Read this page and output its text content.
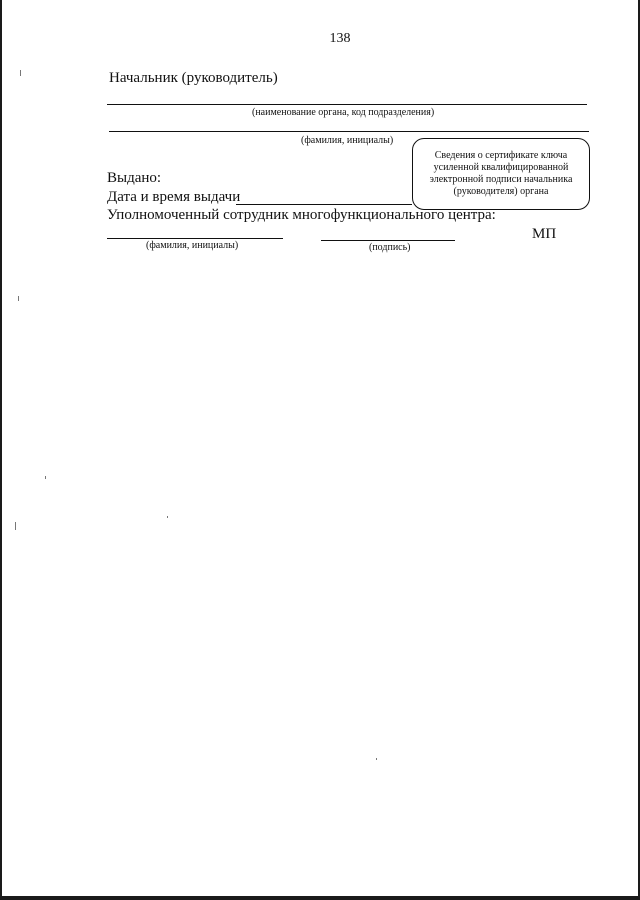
138
Начальник (руководитель)
(наименование органа, код подразделения)
(фамилия, инициалы)
Сведения о сертификате ключа усиленной квалифицированной электронной подписи начальника (руководителя) органа
Выдано:
Дата и время выдачи
Уполномоченный сотрудник многофункционального центра:
(фамилия, инициалы)	(подпись)
МП
